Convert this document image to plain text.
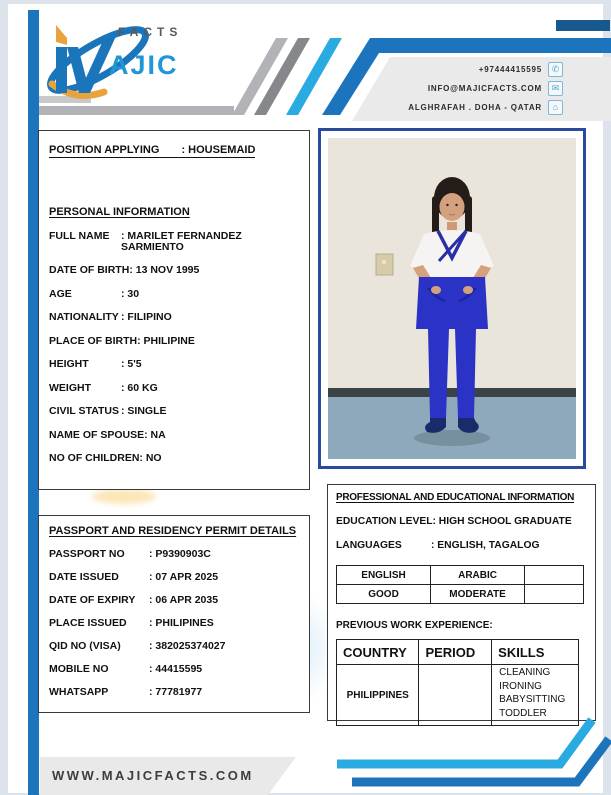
FACTS
AJIC	+97444415595	✆
INFO@MAJICFACTS.COM	✉
ALGHRAFAH . DOHA - QATAR	⌂
POSITION APPLYING : HOUSEMAID
PERSONAL INFORMATION
FULL NAME	: MARILET FERNANDEZ SARMIENTO
DATE OF BIRTH : 13 NOV 1995
AGE	: 30
NATIONALITY : FILIPINO
PLACE OF BIRTH : PHILIPINE
HEIGHT	: 5'5
WEIGHT	: 60 KG
CIVIL STATUS : SINGLE
NAME OF SPOUSE : NA
NO OF CHILDREN : NO
PASSPORT AND RESIDENCY PERMIT DETAILS
PASSPORT NO	: P9390903C
DATE ISSUED	: 07 APR 2025
DATE OF EXPIRY	: 06 APR 2035
PLACE ISSUED	: PHILIPINES
QID NO (VISA)	: 382025374027
MOBILE NO	: 44415595
WHATSAPP	: 77781977
PROFESSIONAL AND EDUCATIONAL INFORMATION
EDUCATION LEVEL : HIGH SCHOOL GRADUATE
LANGUAGES	: ENGLISH, TAGALOG
ENGLISH	ARABIC	
GOOD	MODERATE	
PREVIOUS WORK EXPERIENCE:
COUNTRY	PERIOD	SKILLS
PHILIPPINES		CLEANING
IRONING
BABYSITTING
TODDLER
WWW.MAJICFACTS.COM
